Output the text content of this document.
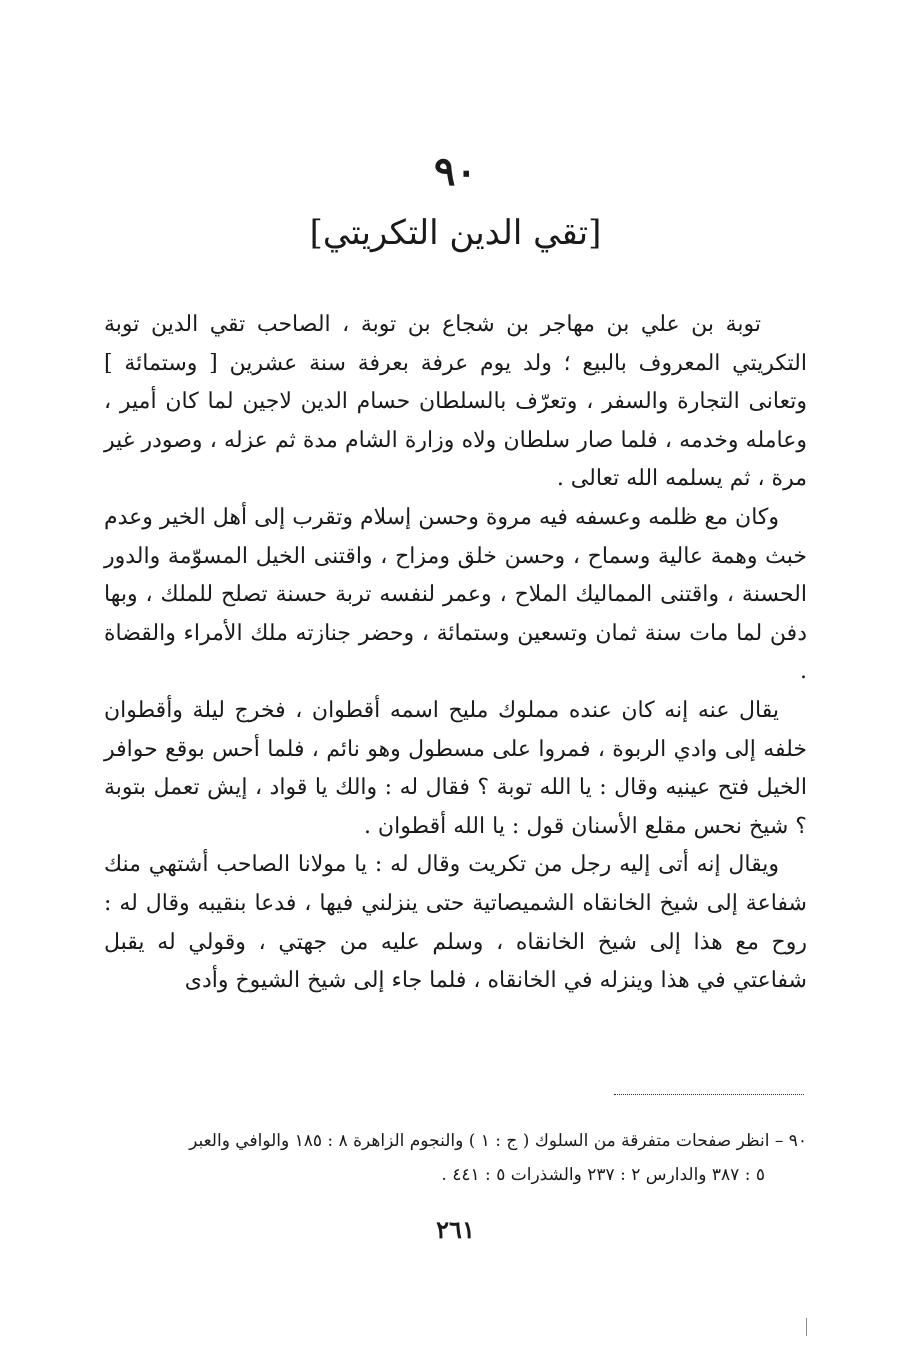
٩٠
[تقي الدين التكريتي]

توبة بن علي بن مهاجر بن شجاع بن توبة ، الصاحب تقي الدين توبة التكريتي المعروف بالبيع ؛ ولد يوم عرفة بعرفة سنة عشرين [ وستمائة ] وتعانى التجارة والسفر ، وتعرّف بالسلطان حسام الدين لاجين لما كان أمير ، وعامله وخدمه ، فلما صار سلطان ولاه وزارة الشام مدة ثم عزله ، وصودر غير مرة ، ثم يسلمه الله تعالى .

وكان مع ظلمه وعسفه فيه مروة وحسن إسلام وتقرب إلى أهل الخير وعدم خبث وهمة عالية وسماح ، وحسن خلق ومزاح ، واقتنى الخيل المسوّمة والدور الحسنة ، واقتنى المماليك الملاح ، وعمر لنفسه تربة حسنة تصلح للملك ، وبها دفن لما مات سنة ثمان وتسعين وستمائة ، وحضر جنازته ملك الأمراء والقضاة .

يقال عنه إنه كان عنده مملوك مليح اسمه أقطوان ، فخرج ليلة وأقطوان خلفه إلى وادي الربوة ، فمروا على مسطول وهو نائم ، فلما أحس بوقع حوافر الخيل فتح عينيه وقال : يا الله توبة ؟ فقال له : والك يا قواد ، إيش تعمل بتوبة ؟ شيخ نحس مقلع الأسنان قول : يا الله أقطوان .

ويقال إنه أتى إليه رجل من تكريت وقال له : يا مولانا الصاحب أشتهي منك شفاعة إلى شيخ الخانقاه الشميصاتية حتى ينزلني فيها ، فدعا بنقيبه وقال له : روح مع هذا إلى شيخ الخانقاه ، وسلم عليه من جهتي ، وقولي له يقبل شفاعتي في هذا وينزله في الخانقاه ، فلما جاء إلى شيخ الشيوخ وأدى

٩٠ – انظر صفحات متفرقة من السلوك ( ج : ١ ) والنجوم الزاهرة ٨ : ١٨٥ والوافي والعبر

٥ : ٣٨٧ والدارس ٢ : ٢٣٧ والشذرات ٥ : ٤٤١ .

٢٦١
